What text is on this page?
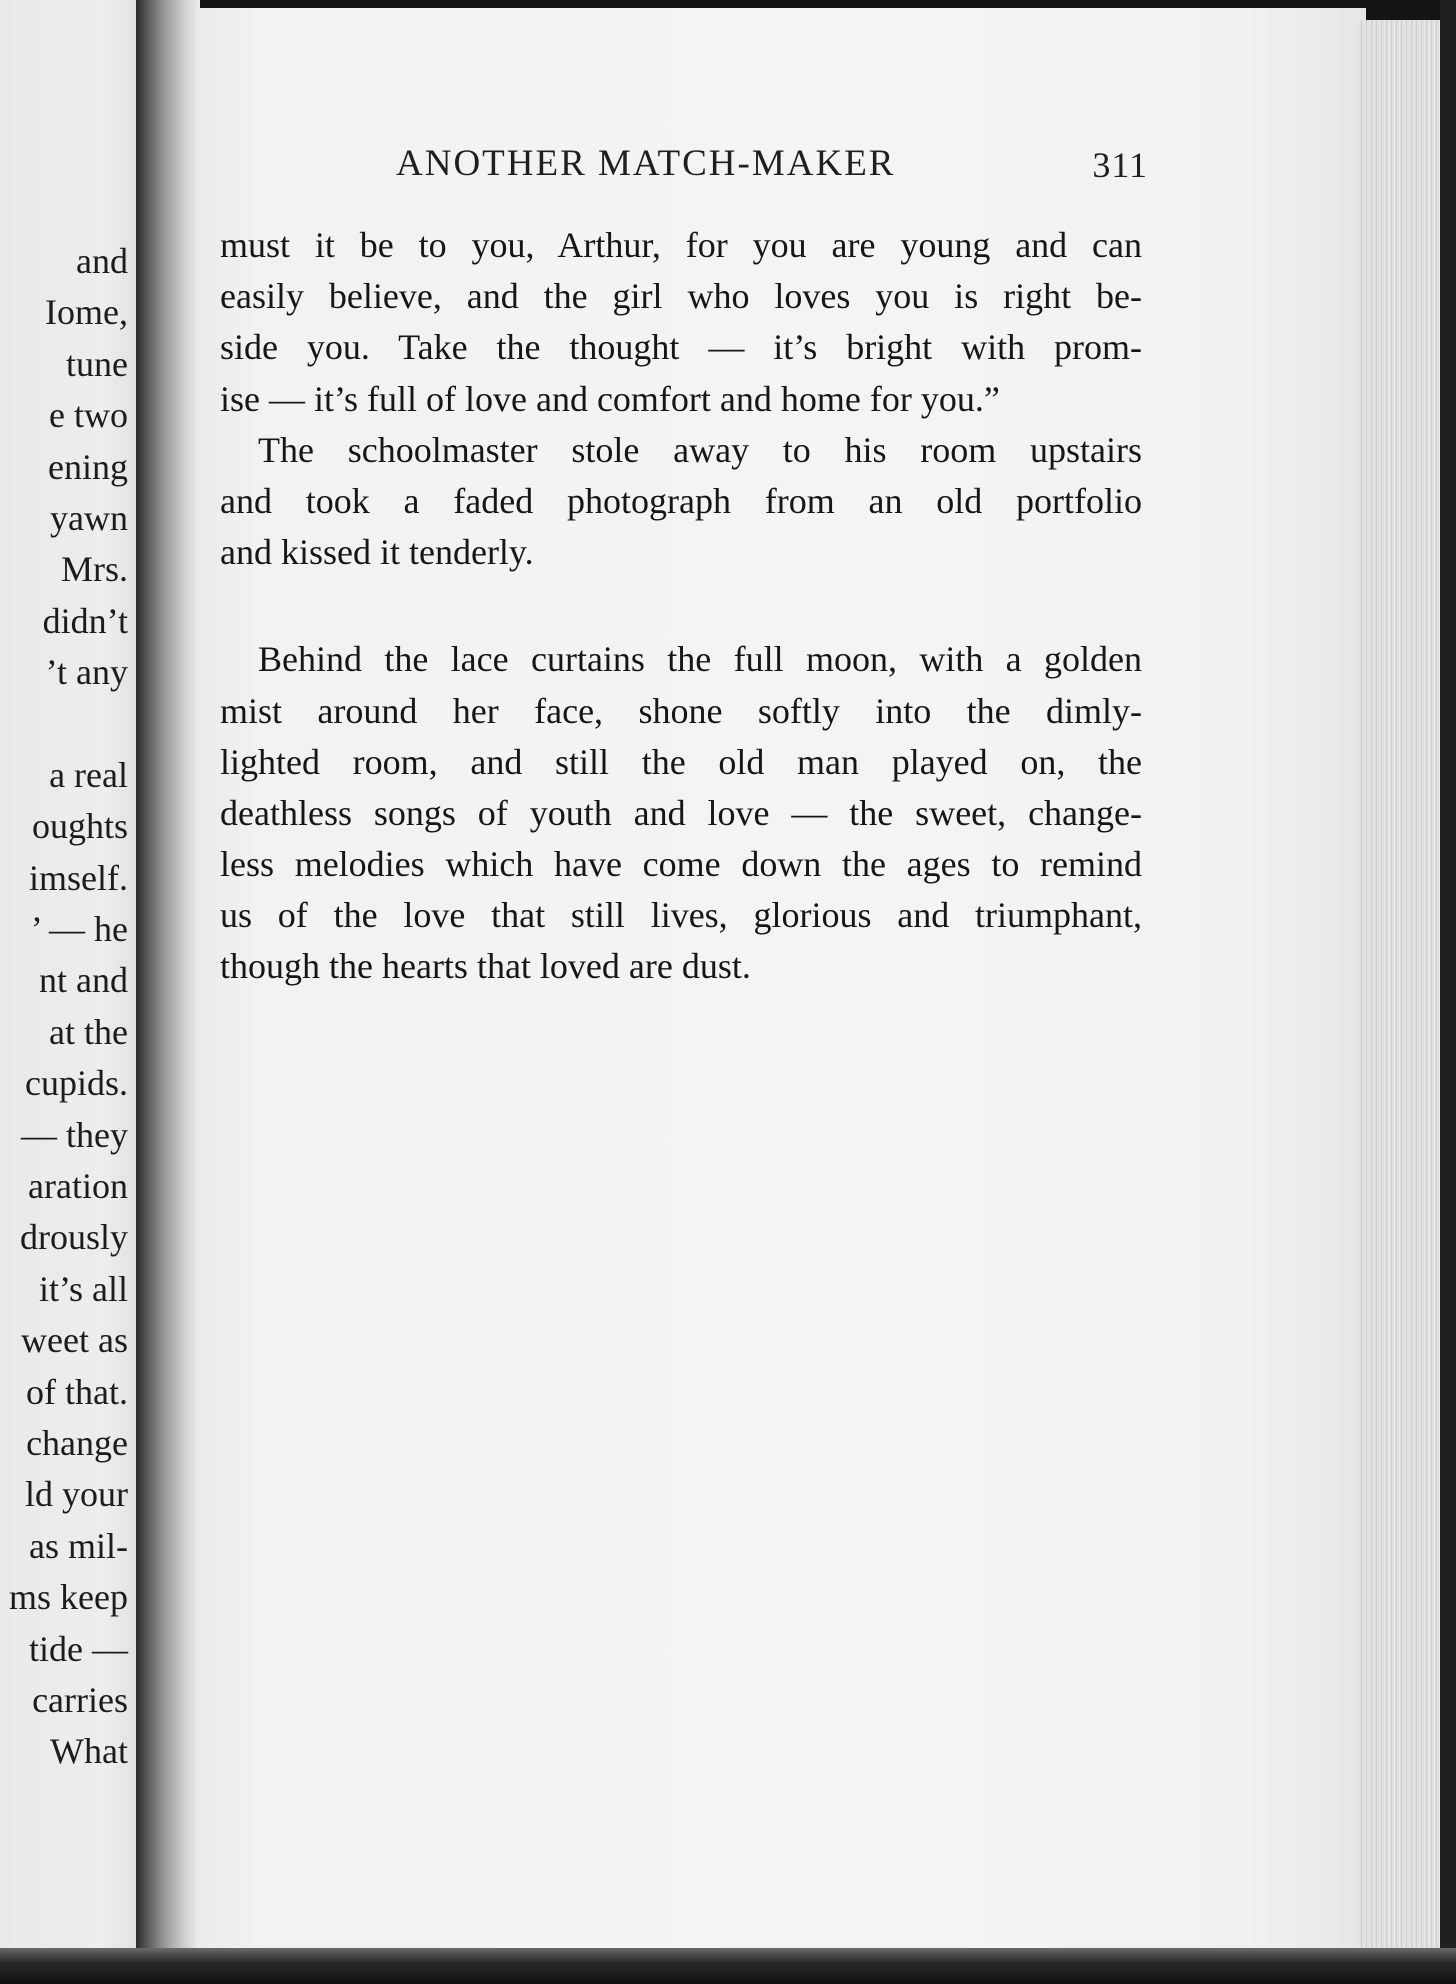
and
Iome,
tune
e two
ening
yawn
Mrs.
didn’t
’t any
a real
oughts
imself.
’ — he
nt and
at the
cupids.
— they
aration
drously
it’s all
weet as
of that.
change
ld your
as mil-
ms keep
tide —
carries
What
ANOTHER MATCH-MAKER	311
must it be to you, Arthur, for you are young and can
easily believe, and the girl who loves you is right be-
side you. Take the thought — it’s bright with prom-
ise — it’s full of love and comfort and home for you.”
The schoolmaster stole away to his room upstairs
and took a faded photograph from an old portfolio
and kissed it tenderly.
Behind the lace curtains the full moon, with a golden
mist around her face, shone softly into the dimly-
lighted room, and still the old man played on, the
deathless songs of youth and love — the sweet, change-
less melodies which have come down the ages to remind
us of the love that still lives, glorious and triumphant,
though the hearts that loved are dust.
